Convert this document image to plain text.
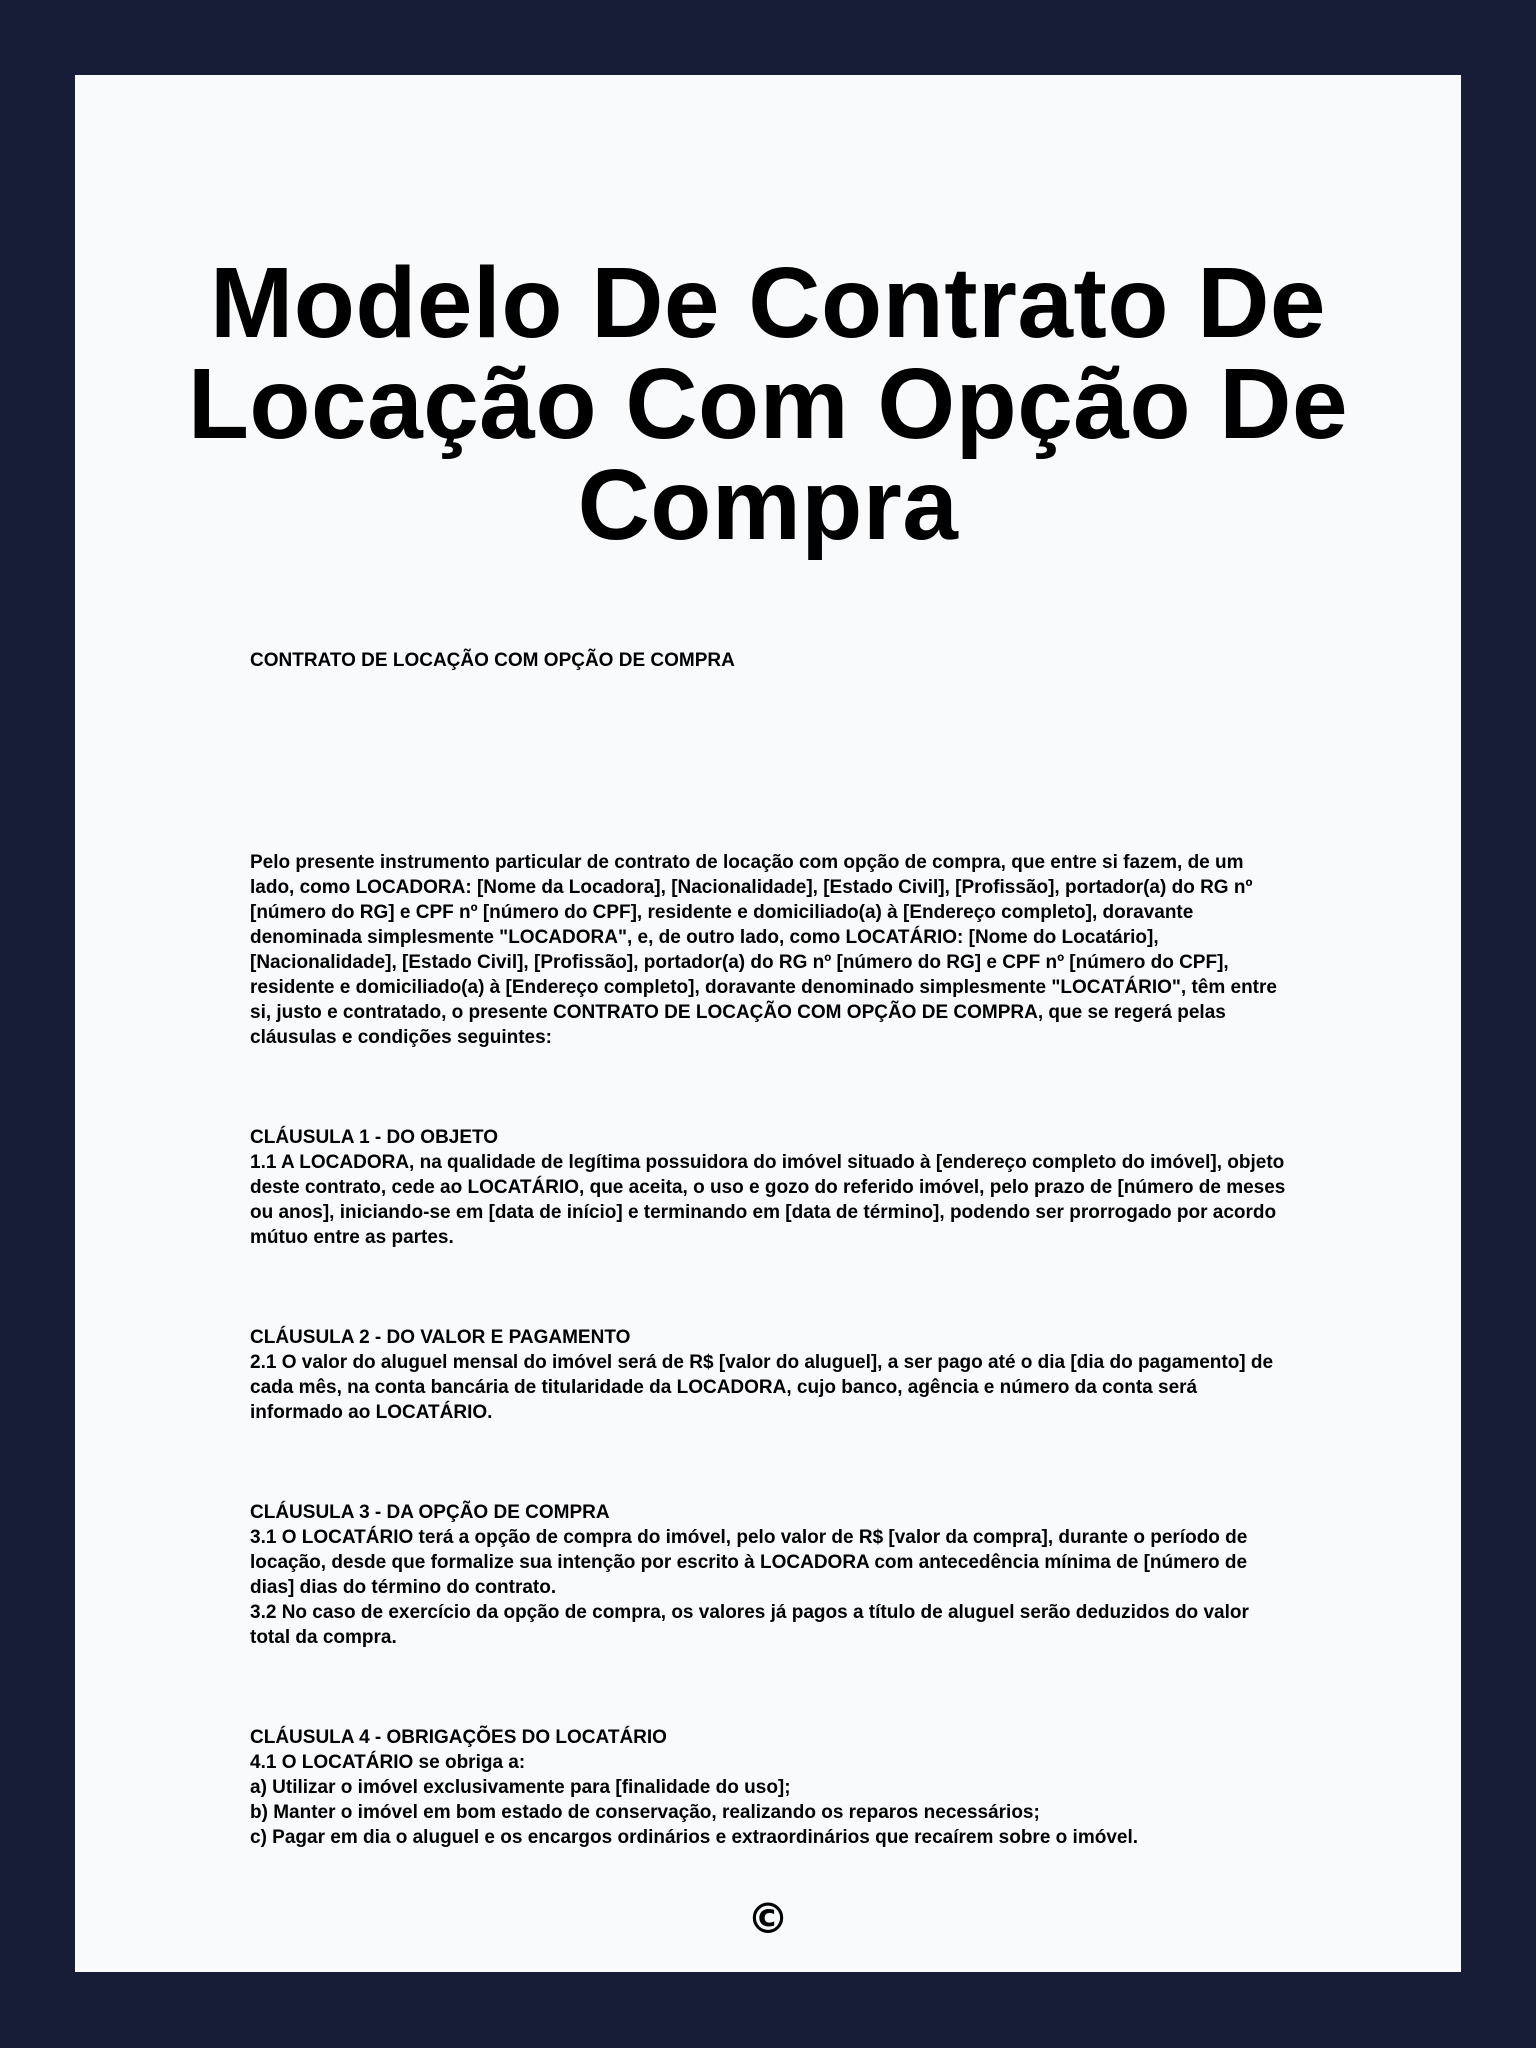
Modelo De Contrato De Locação Com Opção De Compra

CONTRATO DE LOCAÇÃO COM OPÇÃO DE COMPRA

Pelo presente instrumento particular de contrato de locação com opção de compra, que entre si fazem, de um lado, como LOCADORA: [Nome da Locadora], [Nacionalidade], [Estado Civil], [Profissão], portador(a) do RG nº [número do RG] e CPF nº [número do CPF], residente e domiciliado(a) à [Endereço completo], doravante denominada simplesmente "LOCADORA", e, de outro lado, como LOCATÁRIO: [Nome do Locatário], [Nacionalidade], [Estado Civil], [Profissão], portador(a) do RG nº [número do RG] e CPF nº [número do CPF], residente e domiciliado(a) à [Endereço completo], doravante denominado simplesmente "LOCATÁRIO", têm entre si, justo e contratado, o presente CONTRATO DE LOCAÇÃO COM OPÇÃO DE COMPRA, que se regerá pelas cláusulas e condições seguintes:

CLÁUSULA 1 - DO OBJETO

1.1 A LOCADORA, na qualidade de legítima possuidora do imóvel situado à [endereço completo do imóvel], objeto deste contrato, cede ao LOCATÁRIO, que aceita, o uso e gozo do referido imóvel, pelo prazo de [número de meses ou anos], iniciando-se em [data de início] e terminando em [data de término], podendo ser prorrogado por acordo mútuo entre as partes.

CLÁUSULA 2 - DO VALOR E PAGAMENTO

2.1 O valor do aluguel mensal do imóvel será de R$ [valor do aluguel], a ser pago até o dia [dia do pagamento] de cada mês, na conta bancária de titularidade da LOCADORA, cujo banco, agência e número da conta será informado ao LOCATÁRIO.

CLÁUSULA 3 - DA OPÇÃO DE COMPRA

3.1 O LOCATÁRIO terá a opção de compra do imóvel, pelo valor de R$ [valor da compra], durante o período de locação, desde que formalize sua intenção por escrito à LOCADORA com antecedência mínima de [número de dias] dias do término do contrato.

3.2 No caso de exercício da opção de compra, os valores já pagos a título de aluguel serão deduzidos do valor total da compra.

CLÁUSULA 4 - OBRIGAÇÕES DO LOCATÁRIO

4.1 O LOCATÁRIO se obriga a:

a) Utilizar o imóvel exclusivamente para [finalidade do uso];

b) Manter o imóvel em bom estado de conservação, realizando os reparos necessários;

c) Pagar em dia o aluguel e os encargos ordinários e extraordinários que recaírem sobre o imóvel.

©
